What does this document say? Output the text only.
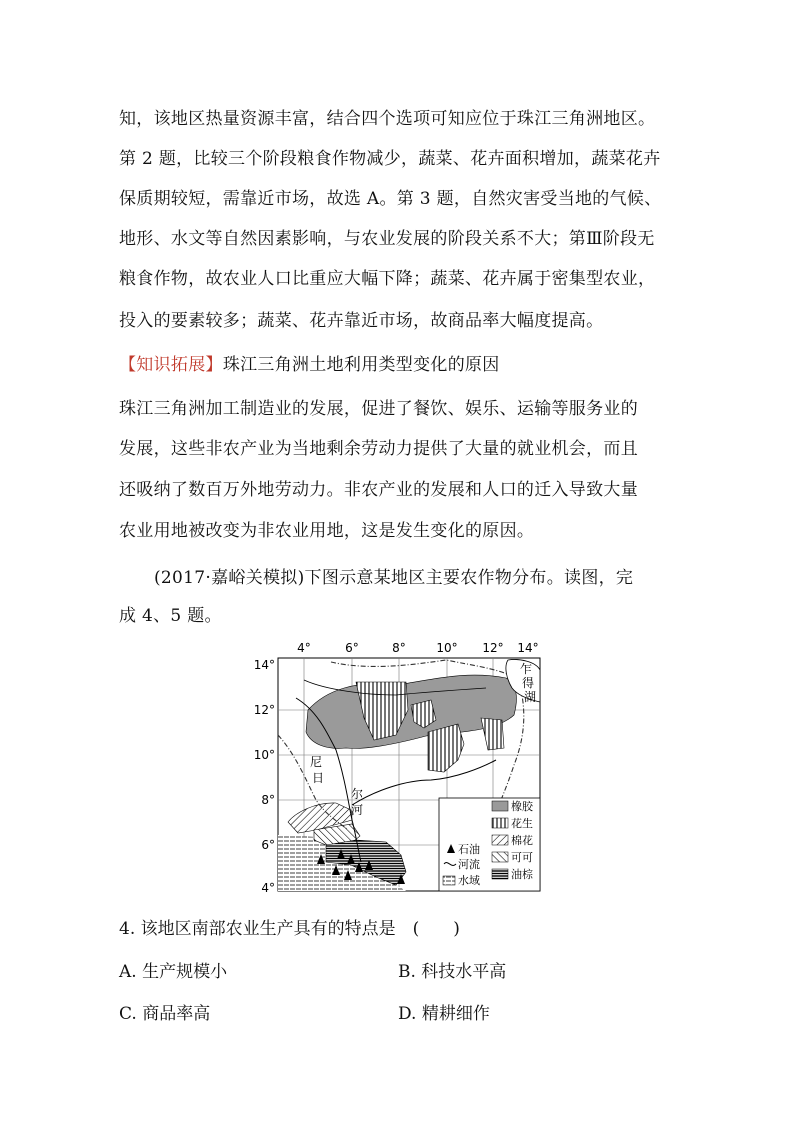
知，该地区热量资源丰富，结合四个选项可知应位于珠江三角洲地区。
第 2 题，比较三个阶段粮食作物减少，蔬菜、花卉面积增加，蔬菜花卉
保质期较短，需靠近市场，故选 A。第 3 题，自然灾害受当地的气候、
地形、水文等自然因素影响，与农业发展的阶段关系不大；第Ⅲ阶段无
粮食作物，故农业人口比重应大幅下降；蔬菜、花卉属于密集型农业，
投入的要素较多；蔬菜、花卉靠近市场，故商品率大幅度提高。
【知识拓展】珠江三角洲土地利用类型变化的原因
珠江三角洲加工制造业的发展，促进了餐饮、娱乐、运输等服务业的
发展，这些非农产业为当地剩余劳动力提供了大量的就业机会，而且
还吸纳了数百万外地劳动力。非农产业的发展和人口的迁入导致大量
农业用地被改变为非农业用地，这是发生变化的原因。
(2017·嘉峪关模拟)下图示意某地区主要农作物分布。读图，完
成 4、5 题。
橡胶
花生
棉花
可可
油棕
石油
河流
水域
4°	6°	8°	10° 12° 14°
14°
12°
10°
8°
6°
4°
乍
得
湖
尼
日
尔
河
4. 该地区南部农业生产具有的特点是　(　　)
A. 生产规模小	B. 科技水平高
C. 商品率高	D. 精耕细作
